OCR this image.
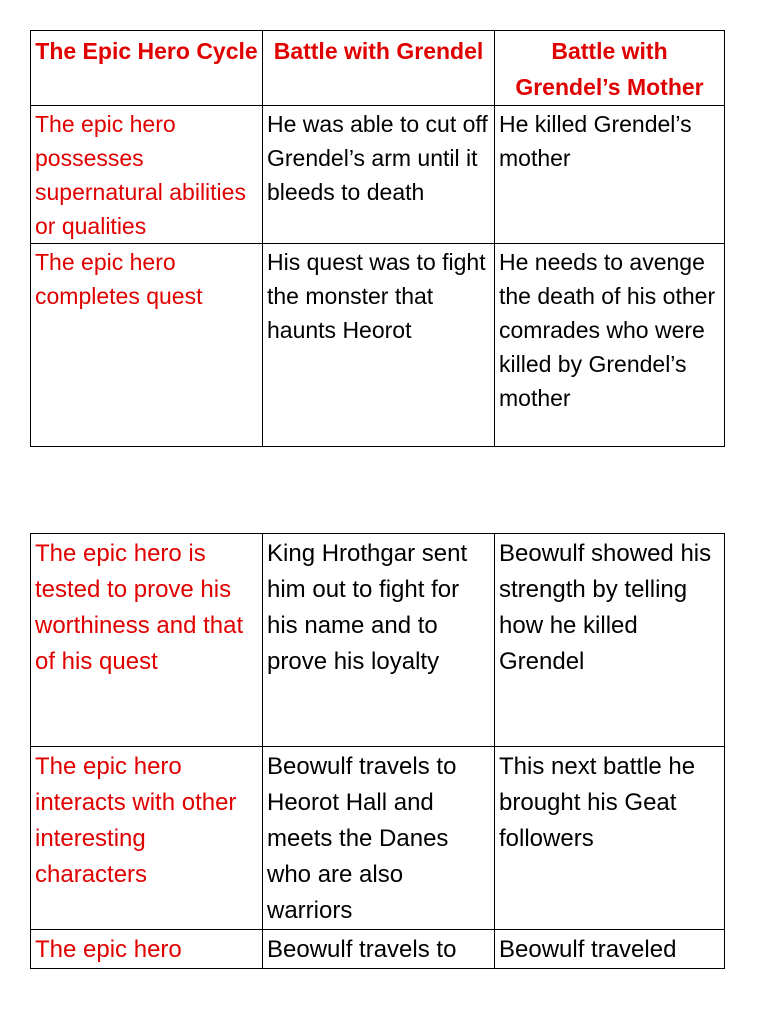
The Epic Hero Cycle	Battle with Grendel	Battle with Grendel’s Mother
The epic hero possesses supernatural abilities or qualities	He was able to cut off Grendel’s arm until it bleeds to death	He killed Grendel’s mother
The epic hero completes quest	His quest was to fight the monster that haunts Heorot	He needs to avenge the death of his other comrades who were killed by Grendel’s mother
The epic hero is tested to prove his worthiness and that of his quest	King Hrothgar sent him out to fight for his name and to prove his loyalty	Beowulf showed his strength by telling how he killed Grendel
The epic hero interacts with other interesting characters	Beowulf travels to Heorot Hall and meets the Danes who are also warriors	This next battle he brought his Geat followers
The epic hero	Beowulf travels to	Beowulf traveled
